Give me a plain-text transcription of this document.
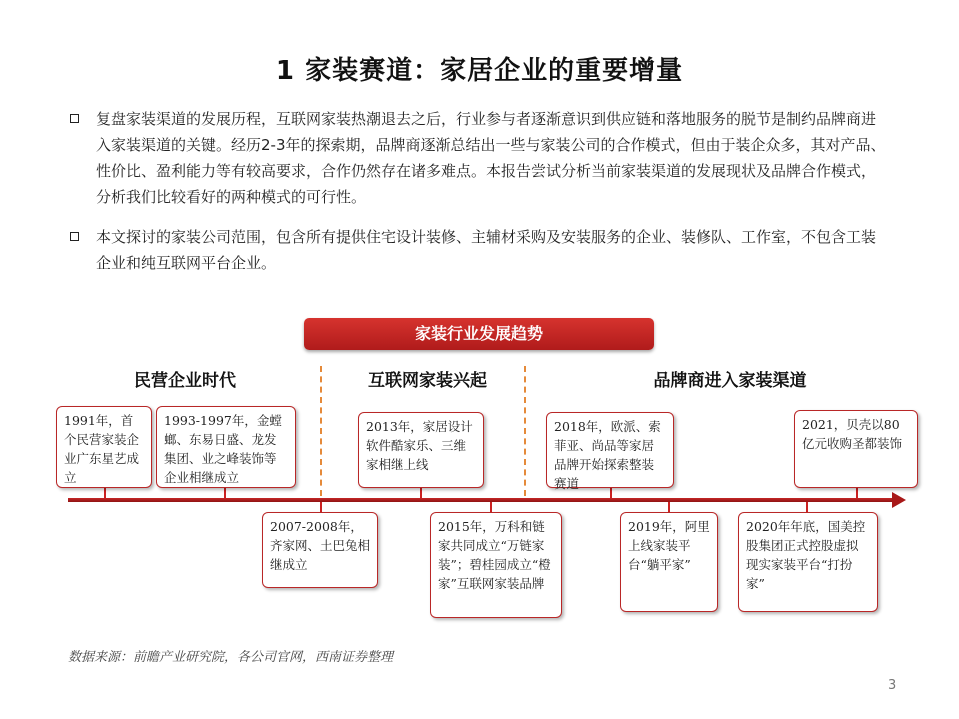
1 家装赛道：家居企业的重要增量
复盘家装渠道的发展历程，互联网家装热潮退去之后，行业参与者逐渐意识到供应链和落地服务的脱节是制约品牌商进入家装渠道的关键。经历2-3年的探索期，品牌商逐渐总结出一些与家装公司的合作模式，但由于装企众多，其对产品、性价比、盈利能力等有较高要求，合作仍然存在诸多难点。本报告尝试分析当前家装渠道的发展现状及品牌合作模式，分析我们比较看好的两种模式的可行性。
本文探讨的家装公司范围，包含所有提供住宅设计装修、主辅材采购及安装服务的企业、装修队、工作室，不包含工装企业和纯互联网平台企业。
家装行业发展趋势
民营企业时代	互联网家装兴起	品牌商进入家装渠道
1991年，首个民营家装企业广东星艺成立
1993-1997年，金螳螂、东易日盛、龙发集团、业之峰装饰等企业相继成立
2013年，家居设计软件酷家乐、三维家相继上线
2018年，欧派、索菲亚、尚品等家居品牌开始探索整装赛道
2021，贝壳以80亿元收购圣都装饰
2007-2008年，齐家网、土巴兔相继成立
2015年，万科和链家共同成立“万链家装”；碧桂园成立“橙家”互联网家装品牌
2019年，阿里上线家装平台“躺平家”
2020年年底，国美控股集团正式控股虚拟现实家装平台“打扮家”
数据来源：前瞻产业研究院，各公司官网，西南证券整理
3
